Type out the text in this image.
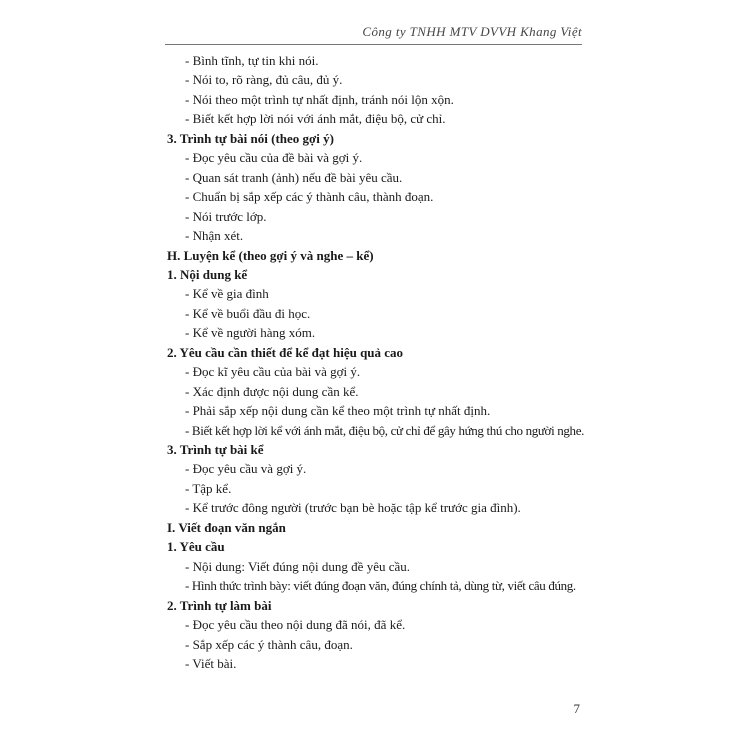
Công ty TNHH MTV DVVH Khang Việt
- Bình tĩnh, tự tin khi nói.
- Nói to, rõ ràng, đủ câu, đủ ý.
- Nói theo một trình tự nhất định, tránh nói lộn xộn.
- Biết kết hợp lời nói với ánh mắt, điệu bộ, cử chỉ.
3. Trình tự bài nói (theo gợi ý)
- Đọc yêu cầu của đề bài và gợi ý.
- Quan sát tranh (ảnh) nếu đề bài yêu cầu.
- Chuẩn bị sắp xếp các ý thành câu, thành đoạn.
- Nói trước lớp.
- Nhận xét.
H. Luyện kể (theo gợi ý và nghe – kể)
1. Nội dung kể
- Kể về gia đình
- Kể về buổi đầu đi học.
- Kể về người hàng xóm.
2. Yêu cầu cần thiết để kể đạt hiệu quả cao
- Đọc kĩ yêu cầu của bài và gợi ý.
- Xác định được nội dung cần kể.
- Phải sắp xếp nội dung cần kể theo một trình tự nhất định.
- Biết kết hợp lời kể với ánh mắt, điệu bộ, cử chỉ để gây hứng thú cho người nghe.
3. Trình tự bài kể
- Đọc yêu cầu và gợi ý.
- Tập kể.
- Kể trước đông người (trước bạn bè hoặc tập kể trước gia đình).
I. Viết đoạn văn ngắn
1. Yêu cầu
- Nội dung: Viết đúng nội dung đề yêu cầu.
- Hình thức trình bày: viết đúng đoạn văn, đúng chính tả, dùng từ, viết câu đúng.
2. Trình tự làm bài
- Đọc yêu cầu theo nội dung đã nói, đã kể.
- Sắp xếp các ý thành câu, đoạn.
- Viết bài.
7
